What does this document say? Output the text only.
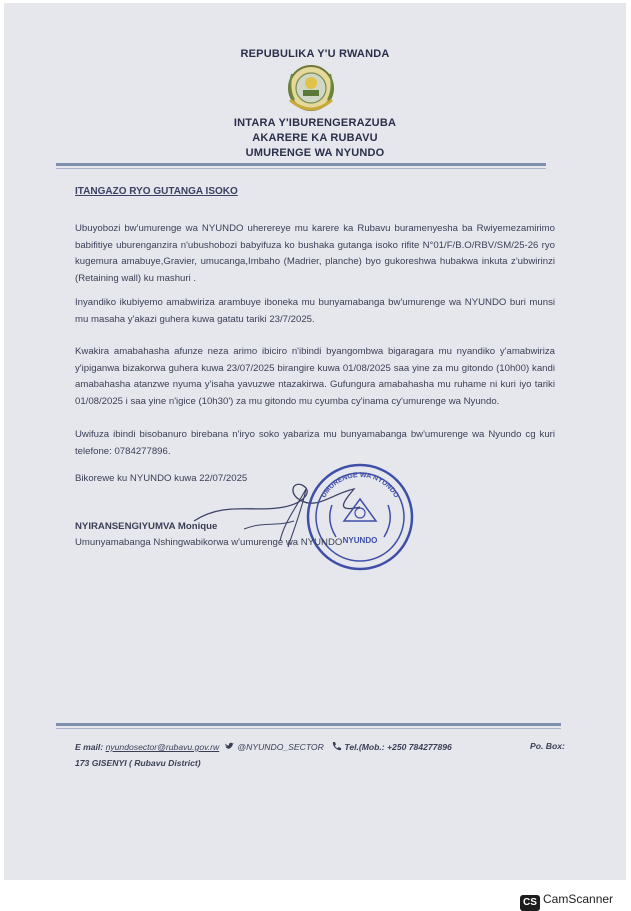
REPUBULIKA Y'U RWANDA
INTARA Y'IBURENGERAZUBA
AKARERE KA RUBAVU
UMURENGE WA NYUNDO
ITANGAZO RYO GUTANGA ISOKO
Ubuyobozi bw'umurenge wa NYUNDO uherereye mu karere ka Rubavu buramenyesha ba Rwiyemezamirimo babifitiye uburenganzira n'ubushobozi babyifuza ko bushaka gutanga isoko rifite N°01/F/B.O/RBV/SM/25-26 ryo kugemura amabuye,Gravier, umucanga,Imbaho (Madrier, planche) byo gukoreshwa hubakwa inkuta z'ubwirinzi (Retaining wall) ku mashuri .
Inyandiko ikubiyemo amabwiriza arambuye iboneka mu bunyamabanga bw'umurenge wa NYUNDO buri munsi mu masaha y'akazi guhera kuwa gatatu tariki 23/7/2025.
Kwakira amabahasha afunze neza arimo ibiciro n'ibindi byangombwa bigaragara mu nyandiko y'amabwiriza y'ipiganwa bizakorwa guhera kuwa 23/07/2025 birangire kuwa 01/08/2025 saa yine za mu gitondo (10h00) kandi amabahasha atanzwe nyuma y'isaha yavuzwe ntazakirwa. Gufungura amabahasha mu ruhame ni kuri iyo tariki 01/08/2025 i saa yine n'igice (10h30') za mu gitondo mu cyumba cy'inama cy'umurenge wa Nyundo.
Uwifuza ibindi bisobanuro birebana n'iryo soko yabariza mu bunyamabanga bw'umurenge wa Nyundo cg kuri telefone: 0784277896.
Bikorewe ku NYUNDO kuwa 22/07/2025
UMURENGE WA NYUNDO
NYUNDO
NYIRANSENGIYUMVA Monique
Umunyamabanga Nshingwabikorwa w'umurenge wa NYUNDO
E mail: nyundosector@rubavu.gov.rw @NYUNDO_SECTOR Tel.(Mob.: +250 784277896	Po. Box:
173 GISENYI ( Rubavu District)
CS CamScanner
